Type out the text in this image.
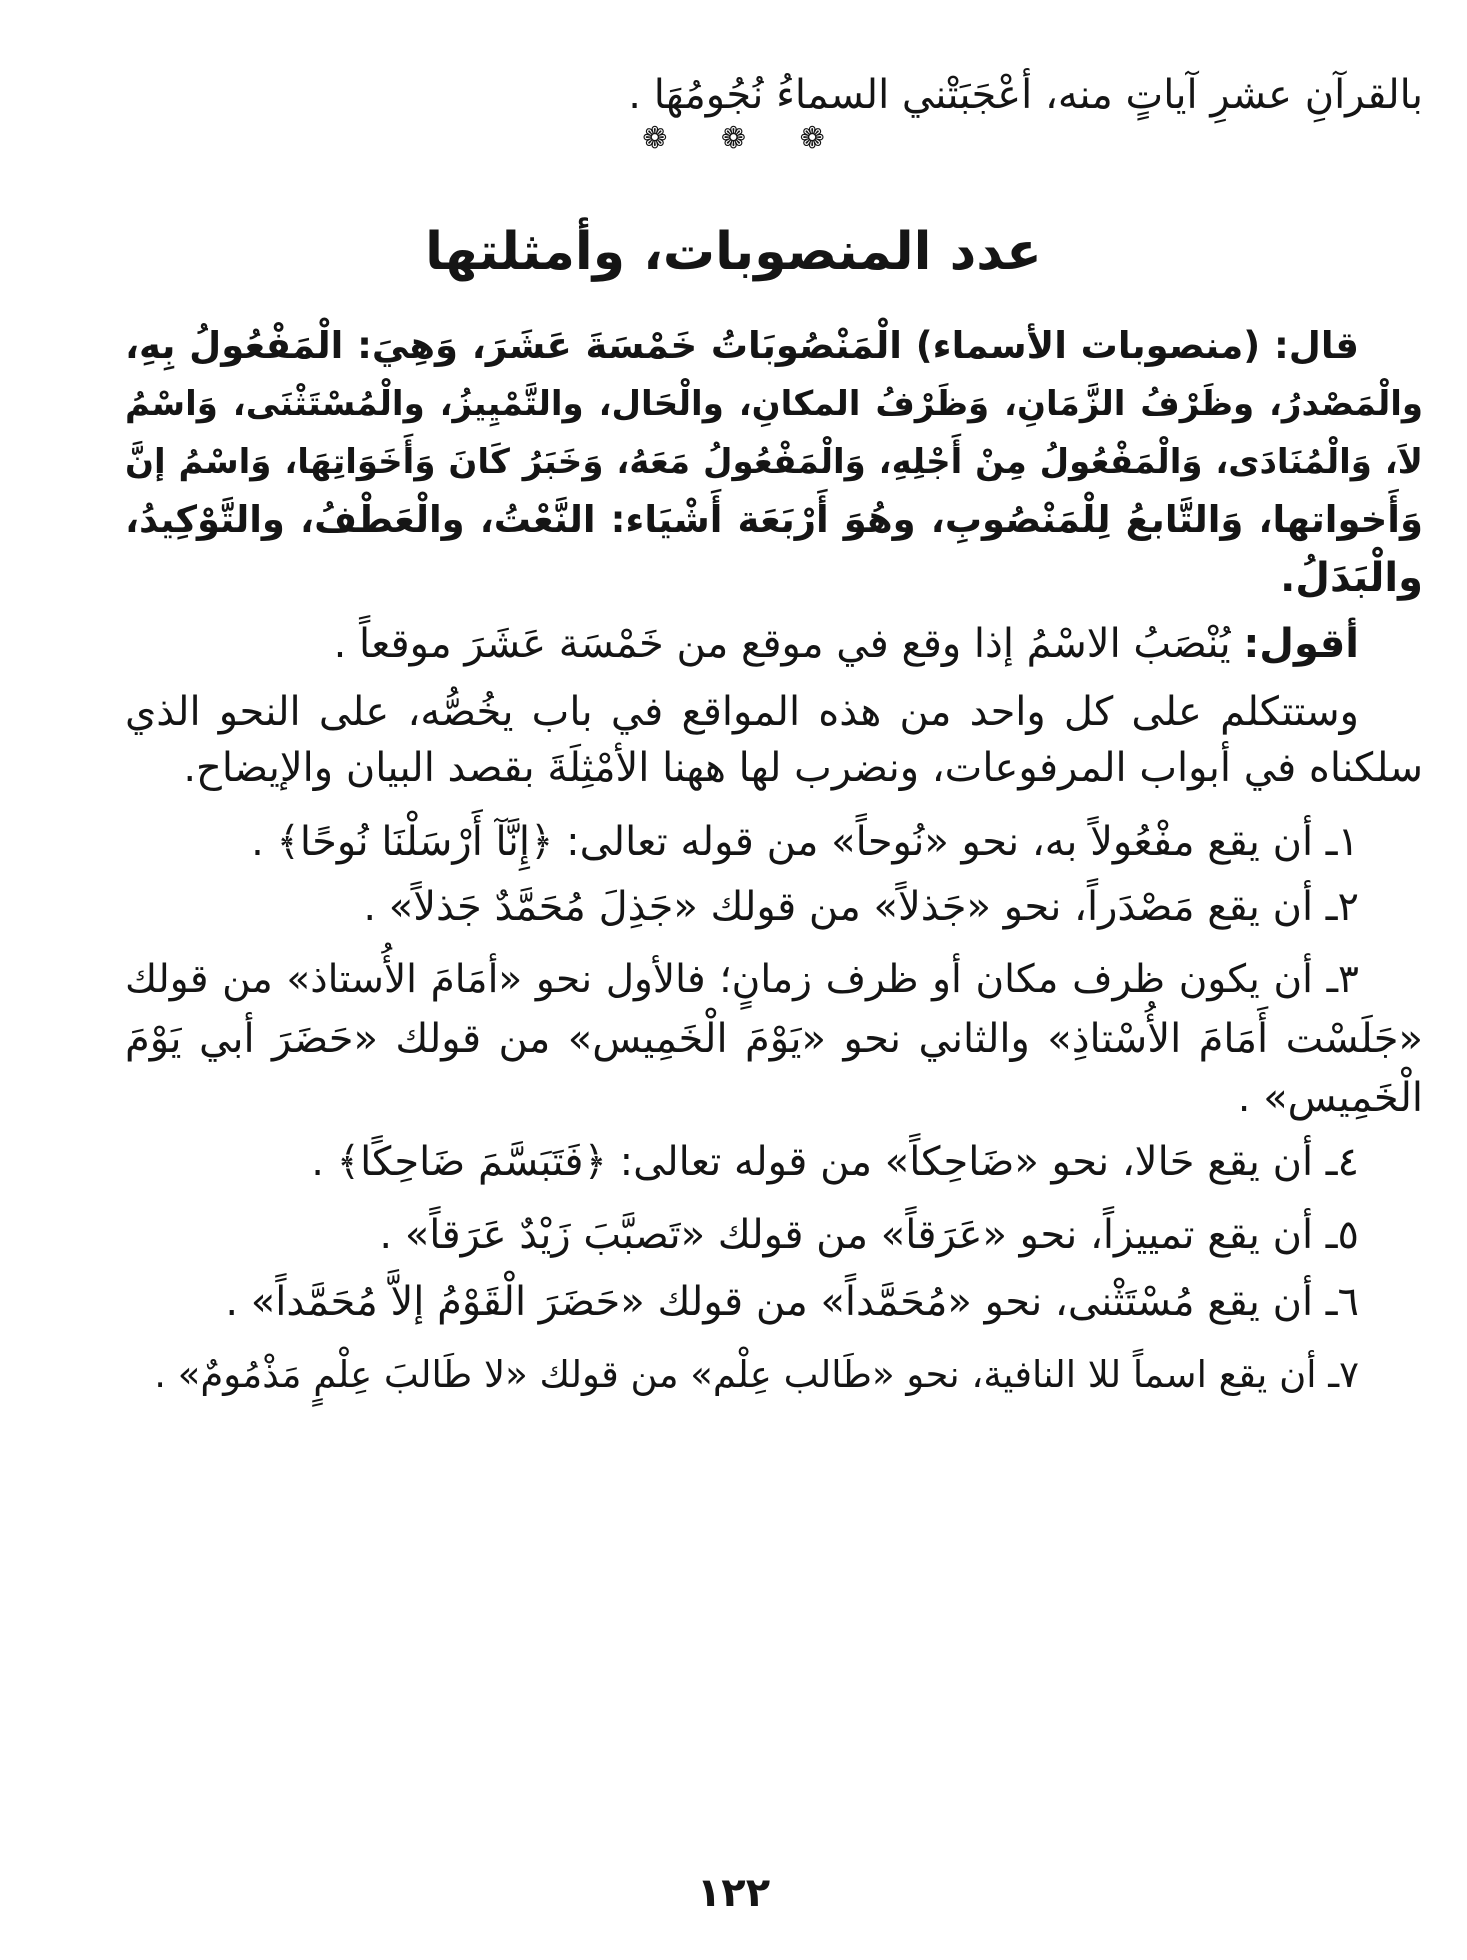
بالقرآنِ عشرِ آياتٍ منه، أعْجَبَتْني السماءُ نُجُومُهَا .
❁ ❁ ❁
عدد المنصوبات، وأمثلتها
قال: (منصوبات الأسماء) الْمَنْصُوبَاتُ خَمْسَةَ عَشَرَ، وَهِيَ: الْمَفْعُولُ بِهِ،
والْمَصْدرُ، وظَرْفُ الزَّمَانِ، وَظَرْفُ المكانِ، والْحَال، والتَّمْيِيزُ، والْمُسْتَثْنَى، وَاسْمُ
لاَ، وَالْمُنَادَى، وَالْمَفْعُولُ مِنْ أَجْلِهِ، وَالْمَفْعُولُ مَعَهُ، وَخَبَرُ كَانَ وَأَخَوَاتِهَا، وَاسْمُ إنَّ
وَأَخواتها، وَالتَّابعُ لِلْمَنْصُوبِ، وهُوَ أَرْبَعَة أَشْيَاء: النَّعْتُ، والْعَطْفُ، والتَّوْكِيدُ،
والْبَدَلُ.
أقول: يُنْصَبُ الاسْمُ إذا وقع في موقع من خَمْسَة عَشَرَ موقعاً .
وستتكلم على كل واحد من هذه المواقع في باب يخُصُّه، على النحو الذي
سلكناه في أبواب المرفوعات، ونضرب لها ههنا الأمْثِلَةَ بقصد البيان والإيضاح.
١ـ أن يقع مفْعُولاً به، نحو «نُوحاً» من قوله تعالى: ﴿إِنَّآ أَرْسَلْنَا نُوحًا﴾ .
٢ـ أن يقع مَصْدَراً، نحو «جَذلاً» من قولك «جَذِلَ مُحَمَّدٌ جَذلاً» .
٣ـ أن يكون ظرف مكان أو ظرف زمانٍ؛ فالأول نحو «أمَامَ الأُستاذ» من قولك
«جَلَسْت أَمَامَ الأُسْتاذِ» والثاني نحو «يَوْمَ الْخَمِيس» من قولك «حَضَرَ أبي يَوْمَ
الْخَمِيس» .
٤ـ أن يقع حَالا، نحو «ضَاحِكاً» من قوله تعالى: ﴿فَتَبَسَّمَ ضَاحِكًا﴾ .
٥ـ أن يقع تمييزاً، نحو «عَرَقاً» من قولك «تَصبَّبَ زَيْدٌ عَرَقاً» .
٦ـ أن يقع مُسْتَثْنى، نحو «مُحَمَّداً» من قولك «حَضَرَ الْقَوْمُ إلاَّ مُحَمَّداً» .
٧ـ أن يقع اسماً للا النافية، نحو «طَالب عِلْم» من قولك «لا طَالبَ عِلْمٍ مَذْمُومٌ» .
١٢٢
